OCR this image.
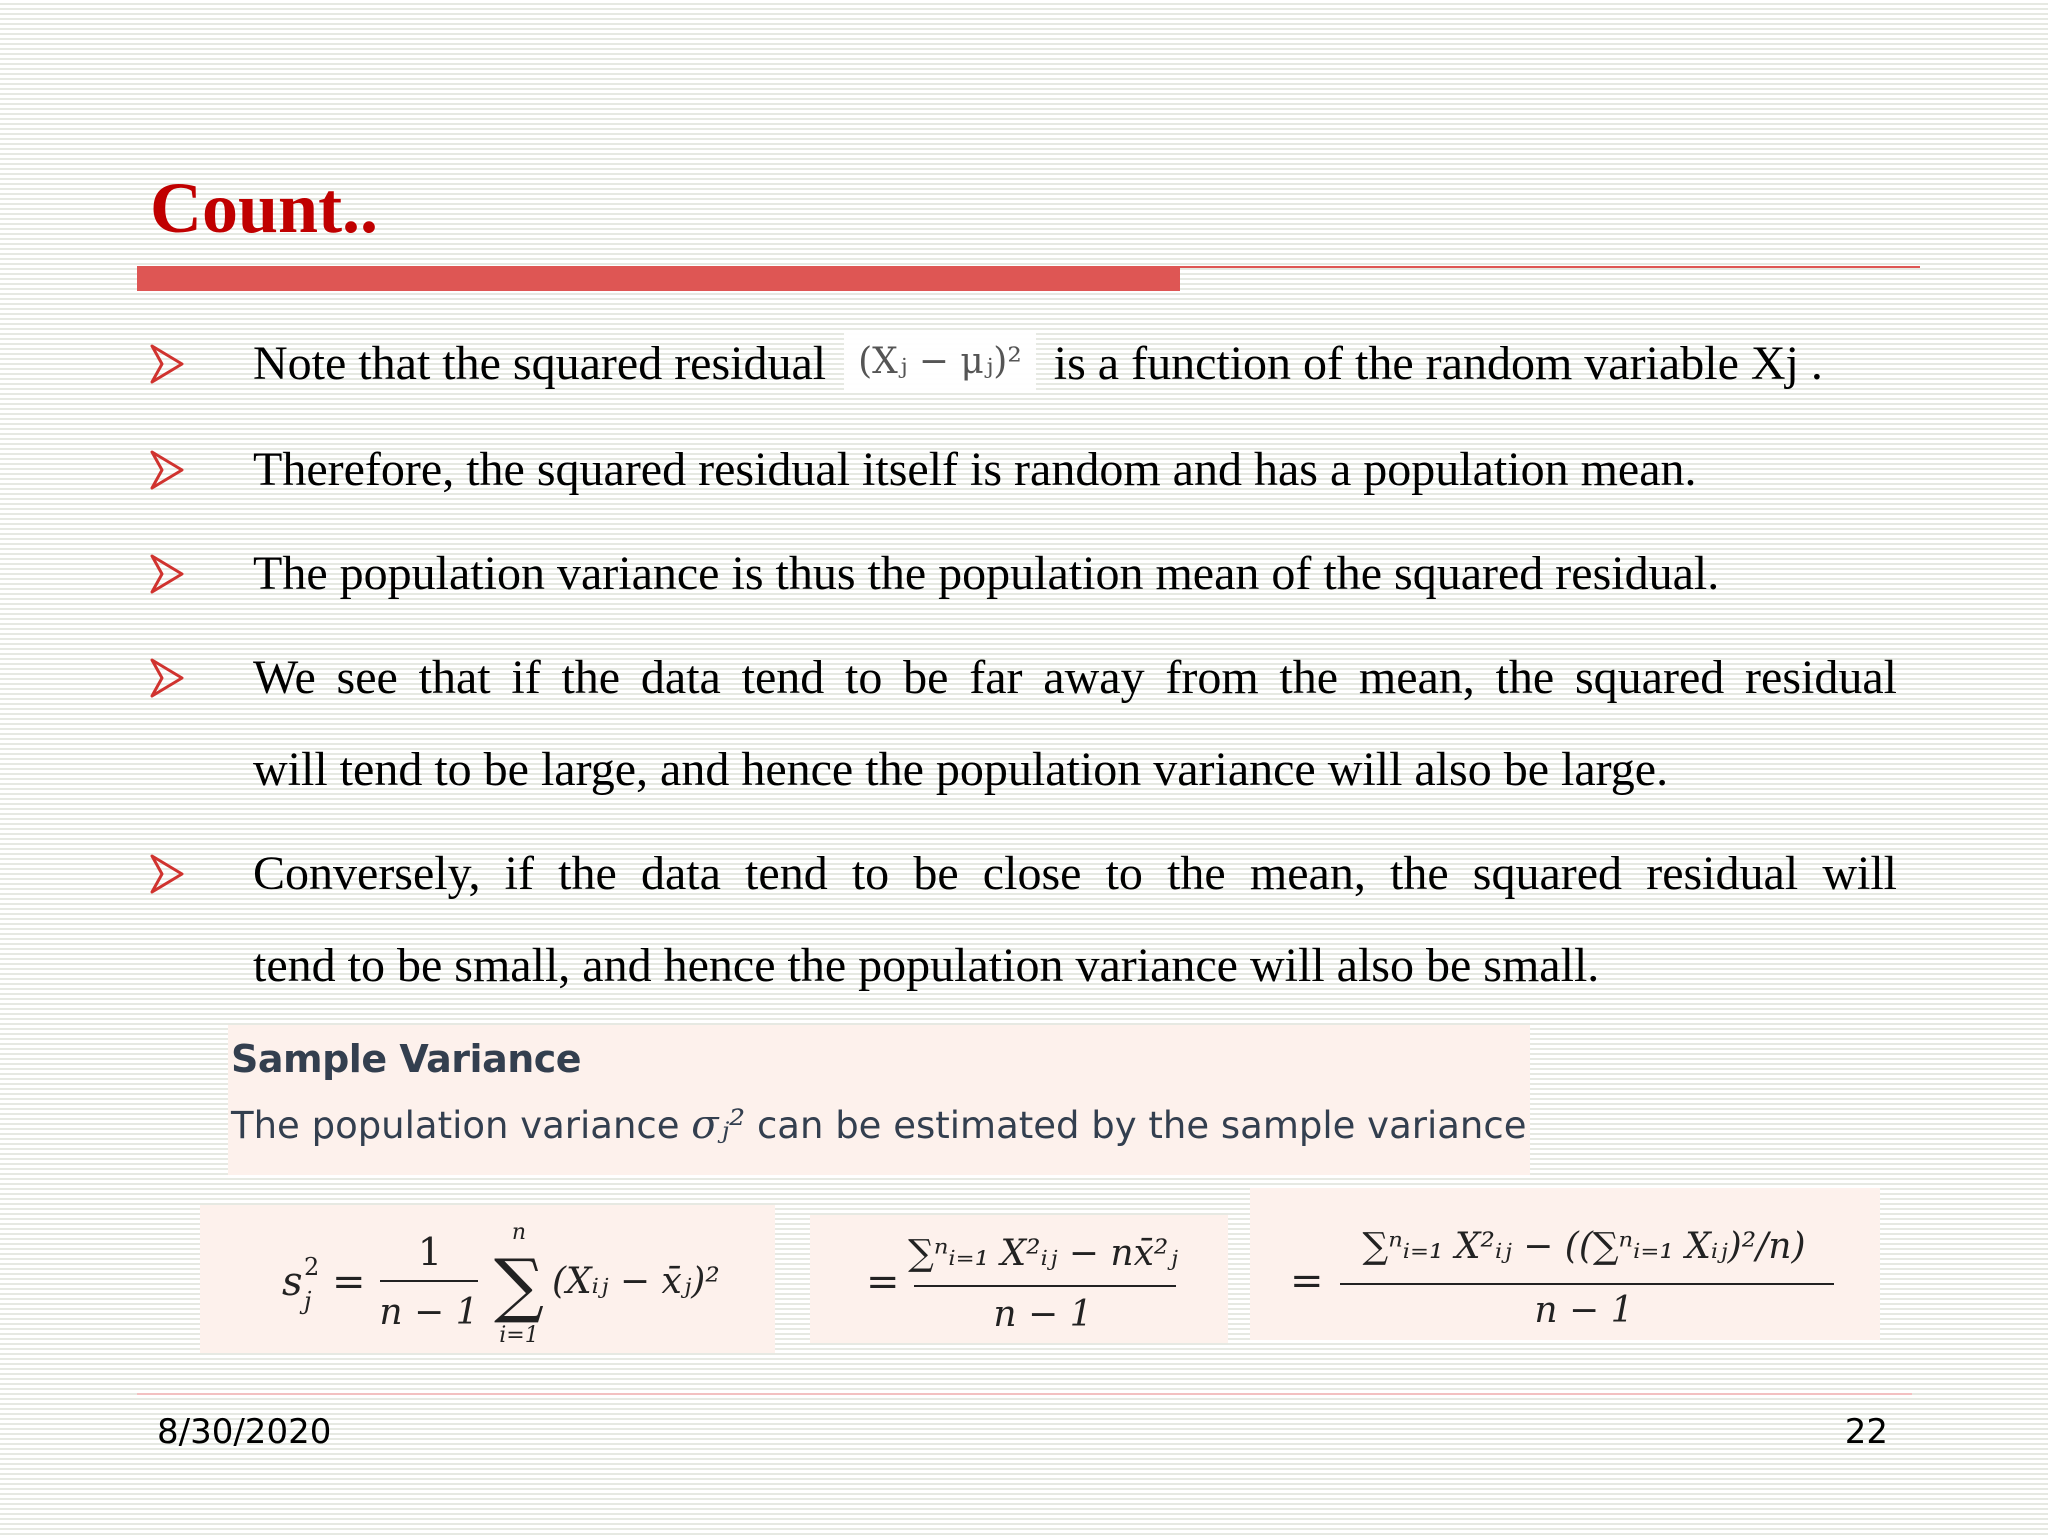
Count..
Note that the squared residual (Xⱼ − μⱼ)² is a function of the random variable Xj .
Therefore, the squared residual itself is random and has a population mean.
The population variance is thus the population mean of the squared residual.
We see that if the data tend to be far away from the mean, the squared residual
will tend to be large, and hence the population variance will also be large.
Conversely, if the data tend to be close to the mean, the squared residual will
tend to be small, and hence the population variance will also be small.
Sample Variance
The population variance σⱼ² can be estimated by the sample variance
s 2
j =
1
n − 1
n
∑
i=1
(Xᵢⱼ − x̄ⱼ)²	=
∑ⁿᵢ₌₁ X²ᵢⱼ − nx̄²ⱼ
n − 1
=
∑ⁿᵢ₌₁ X²ᵢⱼ − ((∑ⁿᵢ₌₁ Xᵢⱼ)²/n)
n − 1
8/30/2020	22
